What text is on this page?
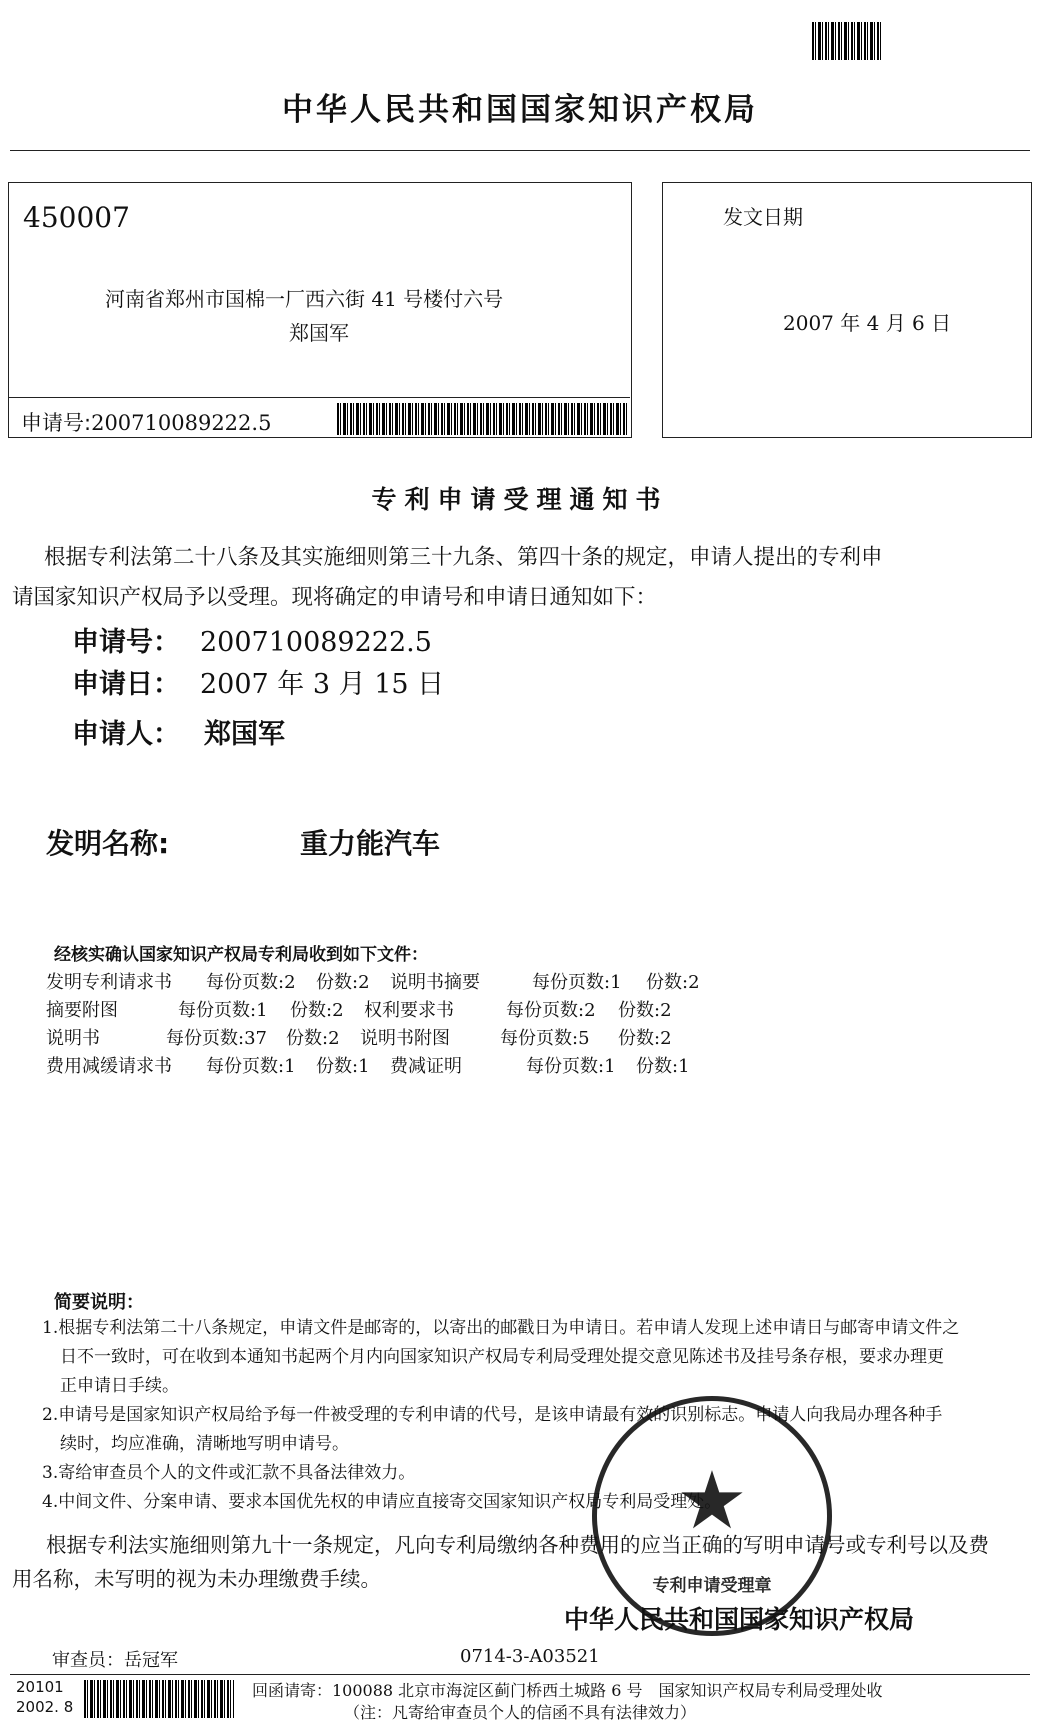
中华人民共和国国家知识产权局
450007
河南省郑州市国棉一厂西六街 41 号楼付六号
郑国军
申请号:200710089222.5
发文日期
2007 年 4 月 6 日
专利申请受理通知书
根据专利法第二十八条及其实施细则第三十九条、第四十条的规定，申请人提出的专利申
请国家知识产权局予以受理。现将确定的申请号和申请日通知如下：
申请号： 200710089222.5
申请日： 2007 年 3 月 15 日
申请人： 郑国军
发明名称:	重力能汽车
经核实确认国家知识产权局专利局收到如下文件：
发明专利请求书 每份页数:2 份数:2 说明书摘要	每份页数:1 份数:2
摘要附图	每份页数:1 份数:2 权利要求书	每份页数:2 份数:2
说明书	每份页数:37 份数:2 说明书附图	每份页数:5 份数:2
费用减缓请求书 每份页数:1 份数:1 费减证明	每份页数:1 份数:1
简要说明：
1.根据专利法第二十八条规定，申请文件是邮寄的，以寄出的邮戳日为申请日。若申请人发现上述申请日与邮寄申请文件之
日不一致时，可在收到本通知书起两个月内向国家知识产权局专利局受理处提交意见陈述书及挂号条存根，要求办理更
正申请日手续。
2.申请号是国家知识产权局给予每一件被受理的专利申请的代号，是该申请最有效的识别标志。申请人向我局办理各种手
续时，均应准确，清晰地写明申请号。
3.寄给审查员个人的文件或汇款不具备法律效力。
4.中间文件、分案申请、要求本国优先权的申请应直接寄交国家知识产权局专利局受理处。
根据专利法实施细则第九十一条规定，凡向专利局缴纳各种费用的应当正确的写明申请号或专利号以及费
用名称，未写明的视为未办理缴费手续。
★
专利申请受理章
中华人民共和国国家知识产权局
审查员：岳冠军	0714-3-A03521
20101
2002. 8
回函请寄：100088 北京市海淀区蓟门桥西土城路 6 号　国家知识产权局专利局受理处收
（注：凡寄给审查员个人的信函不具有法律效力）
